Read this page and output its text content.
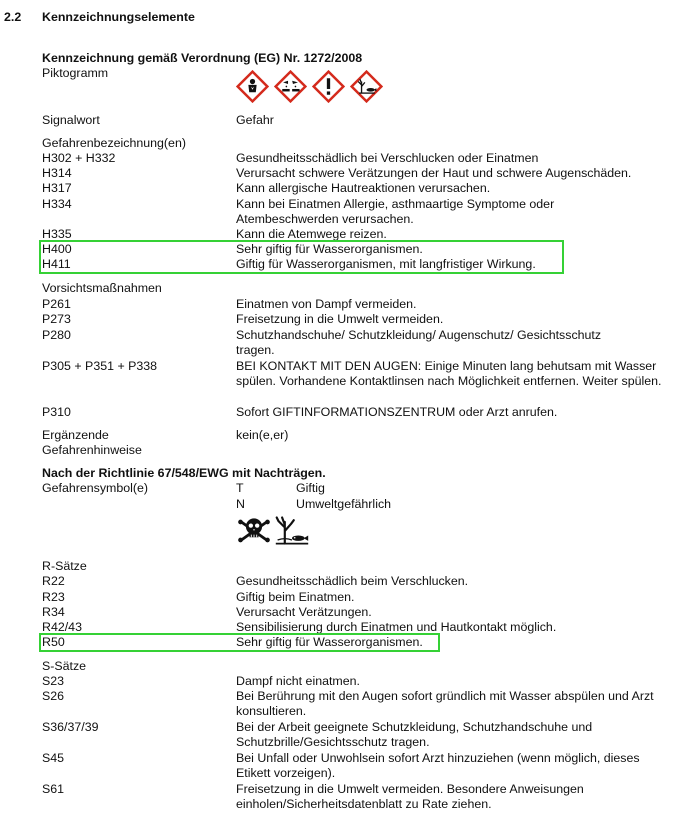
2.2 Kennzeichnungselemente
Kennzeichnung gemäß Verordnung (EG) Nr. 1272/2008
Piktogramm
Signalwort	Gefahr
Gefahrenbezeichnung(en)
H302 + H332	Gesundheitsschädlich bei Verschlucken oder Einatmen
H314	Verursacht schwere Verätzungen der Haut und schwere Augenschäden.
H317	Kann allergische Hautreaktionen verursachen.
H334	Kann bei Einatmen Allergie, asthmaartige Symptome oder Atembeschwerden verursachen.
H335	Kann die Atemwege reizen.
H400	Sehr giftig für Wasserorganismen.
H411	Giftig für Wasserorganismen, mit langfristiger Wirkung.
Vorsichtsmaßnahmen
P261	Einatmen von Dampf vermeiden.
P273	Freisetzung in die Umwelt vermeiden.
P280	Schutzhandschuhe/ Schutzkleidung/ Augenschutz/ Gesichtsschutz tragen.
P305 + P351 + P338	BEI KONTAKT MIT DEN AUGEN: Einige Minuten lang behutsam mit Wasser spülen. Vorhandene Kontaktlinsen nach Möglichkeit entfernen. Weiter spülen.
P310	Sofort GIFTINFORMATIONSZENTRUM oder Arzt anrufen.
Ergänzende Gefahrenhinweise
kein(e,er)
Nach der Richtlinie 67/548/EWG mit Nachträgen.
Gefahrensymbol(e)	T	Giftig
N	Umweltgefährlich
R-Sätze
R22	Gesundheitsschädlich beim Verschlucken.
R23	Giftig beim Einatmen.
R34	Verursacht Verätzungen.
R42/43	Sensibilisierung durch Einatmen und Hautkontakt möglich.
R50	Sehr giftig für Wasserorganismen.
S-Sätze
S23	Dampf nicht einatmen.
S26	Bei Berührung mit den Augen sofort gründlich mit Wasser abspülen und Arzt konsultieren.
S36/37/39	Bei der Arbeit geeignete Schutzkleidung, Schutzhandschuhe und Schutzbrille/Gesichtsschutz tragen.
S45	Bei Unfall oder Unwohlsein sofort Arzt hinzuziehen (wenn möglich, dieses Etikett vorzeigen).
S61	Freisetzung in die Umwelt vermeiden. Besondere Anweisungen einholen/Sicherheitsdatenblatt zu Rate ziehen.
